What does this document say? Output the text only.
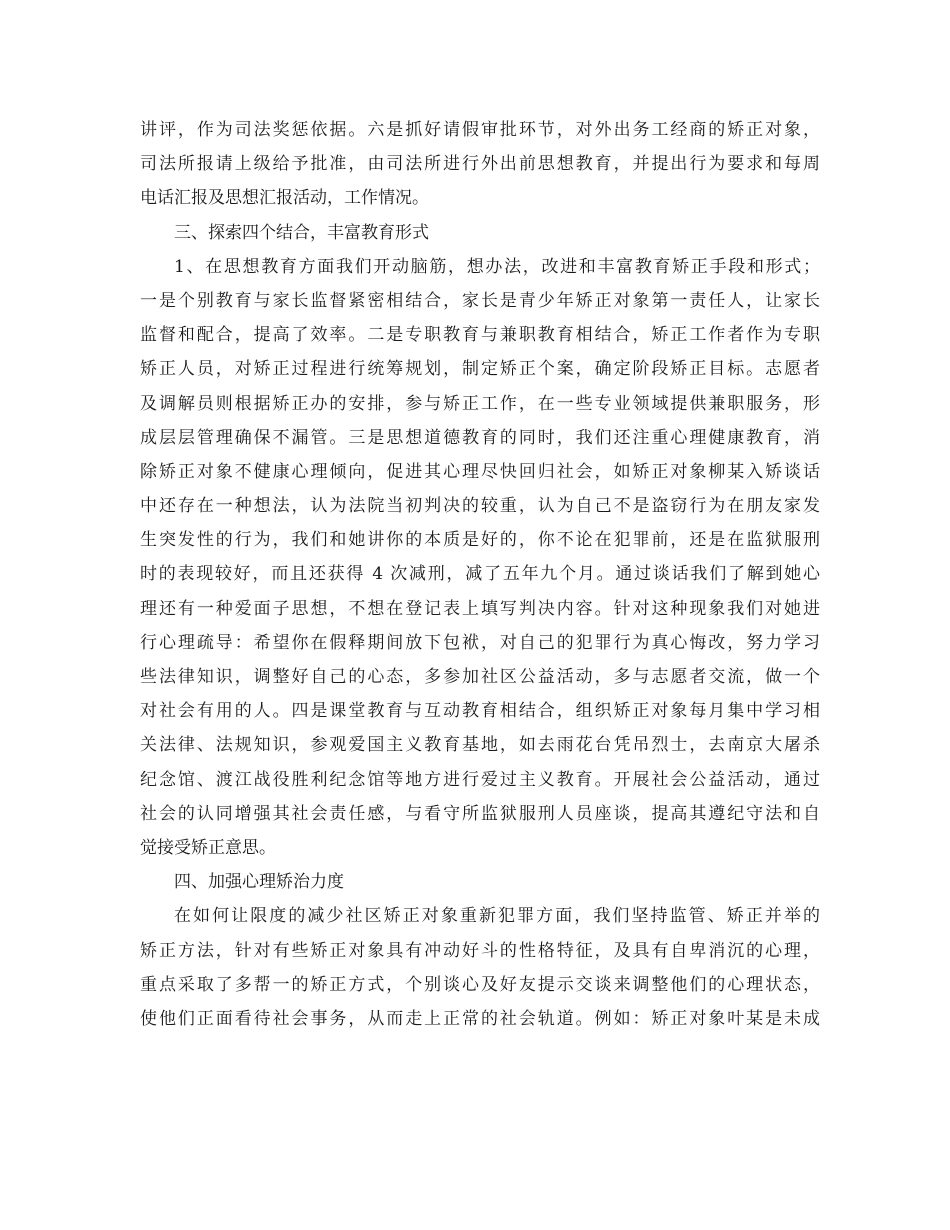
讲评，作为司法奖惩依据。六是抓好请假审批环节，对外出务工经商的矫正对象，
司法所报请上级给予批准，由司法所进行外出前思想教育，并提出行为要求和每周
电话汇报及思想汇报活动，工作情况。
三、探索四个结合，丰富教育形式
1、在思想教育方面我们开动脑筋，想办法，改进和丰富教育矫正手段和形式；
一是个别教育与家长监督紧密相结合，家长是青少年矫正对象第一责任人，让家长
监督和配合，提高了效率。二是专职教育与兼职教育相结合，矫正工作者作为专职
矫正人员，对矫正过程进行统筹规划，制定矫正个案，确定阶段矫正目标。志愿者
及调解员则根据矫正办的安排，参与矫正工作，在一些专业领域提供兼职服务，形
成层层管理确保不漏管。三是思想道德教育的同时，我们还注重心理健康教育，消
除矫正对象不健康心理倾向，促进其心理尽快回归社会，如矫正对象柳某入矫谈话
中还存在一种想法，认为法院当初判决的较重，认为自己不是盗窃行为在朋友家发
生突发性的行为，我们和她讲你的本质是好的，你不论在犯罪前，还是在监狱服刑
时的表现较好，而且还获得 4 次减刑，减了五年九个月。通过谈话我们了解到她心
理还有一种爱面子思想，不想在登记表上填写判决内容。针对这种现象我们对她进
行心理疏导：希望你在假释期间放下包袱，对自己的犯罪行为真心悔改，努力学习
些法律知识，调整好自己的心态，多参加社区公益活动，多与志愿者交流，做一个
对社会有用的人。四是课堂教育与互动教育相结合，组织矫正对象每月集中学习相
关法律、法规知识，参观爱国主义教育基地，如去雨花台凭吊烈士，去南京大屠杀
纪念馆、渡江战役胜利纪念馆等地方进行爱过主义教育。开展社会公益活动，通过
社会的认同增强其社会责任感，与看守所监狱服刑人员座谈，提高其遵纪守法和自
觉接受矫正意思。
四、加强心理矫治力度
在如何让限度的减少社区矫正对象重新犯罪方面，我们坚持监管、矫正并举的
矫正方法，针对有些矫正对象具有冲动好斗的性格特征，及具有自卑消沉的心理，
重点采取了多帮一的矫正方式，个别谈心及好友提示交谈来调整他们的心理状态，
使他们正面看待社会事务，从而走上正常的社会轨道。例如：矫正对象叶某是未成
